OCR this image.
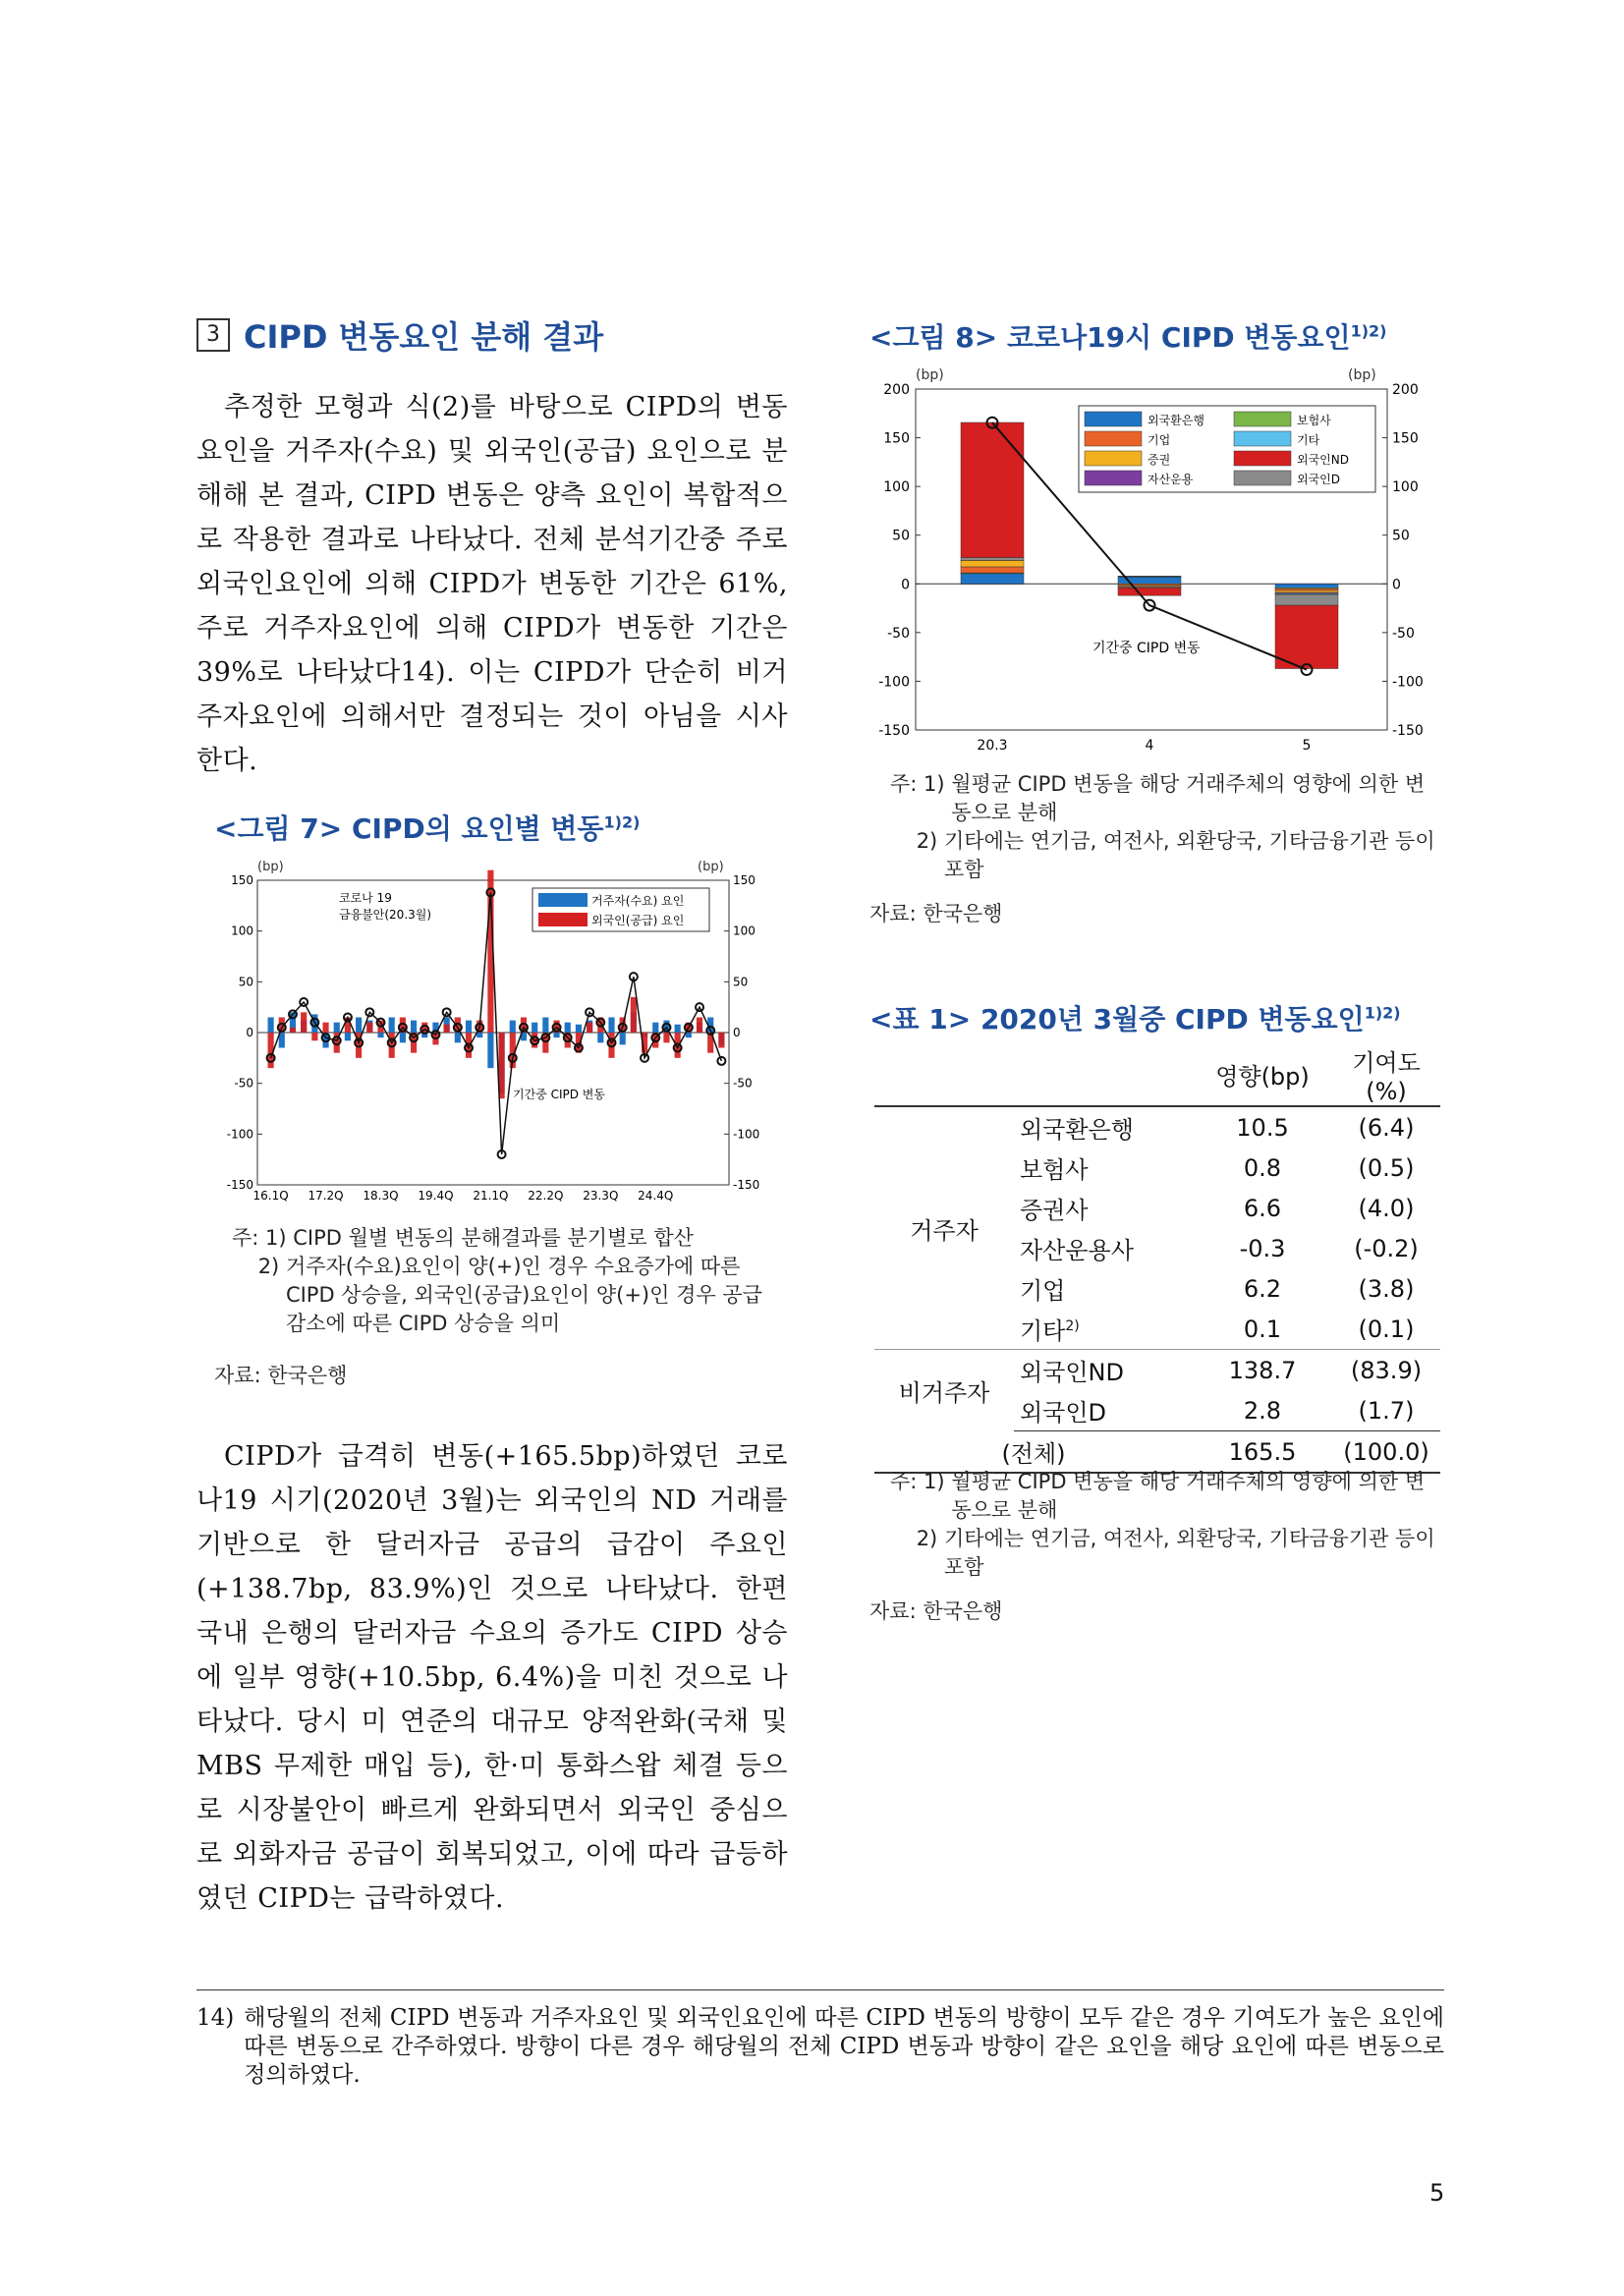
3 CIPD 변동요인 분해 결과

추정한 모형과 식(2)를 바탕으로 CIPD의 변동요인을 거주자(수요) 및 외국인(공급) 요인으로 분해해 본 결과, CIPD 변동은 양측 요인이 복합적으로 작용한 결과로 나타났다. 전체 분석기간중 주로 외국인요인에 의해 CIPD가 변동한 기간은 61%, 주로 거주자요인에 의해 CIPD가 변동한 기간은 39%로 나타났다14). 이는 CIPD가 단순히 비거주자요인에 의해서만 결정되는 것이 아님을 시사한다.

<그림 7> CIPD의 요인별 변동$^{1)2)}$
(bp)	(bp)
150	150
100	100
50	50
0	0
-50	-50
-100	-100
-150	-150
16.1Q 17.2Q 18.3Q 19.4Q 21.1Q 22.2Q 23.3Q 24.4Q
코로나 19
금융불안(20.3월)
기간중 CIPD 변동
거주자(수요) 요인
외국인(공급) 요인
주: 1) CIPD 월별 변동의 분해결과를 분기별로 합산
2) 거주자(수요)요인이 양(+)인 경우 수요증가에 따른 CIPD 상승을, 외국인(공급)요인이 양(+)인 경우 공급감소에 따른 CIPD 상승을 의미
자료: 한국은행

CIPD가 급격히 변동(+165.5bp)하였던 코로나19 시기(2020년 3월)는 외국인의 ND 거래를 기반으로 한 달러자금 공급의 급감이 주요인(+138.7bp, 83.9%)인 것으로 나타났다. 한편 국내 은행의 달러자금 수요의 증가도 CIPD 상승에 일부 영향(+10.5bp, 6.4%)을 미친 것으로 나타났다. 당시 미 연준의 대규모 양적완화(국채 및 MBS 무제한 매입 등), 한·미 통화스왑 체결 등으로 시장불안이 빠르게 완화되면서 외국인 중심으로 외화자금 공급이 회복되었고, 이에 따라 급등하였던 CIPD는 급락하였다.

<그림 8> 코로나19시 CIPD 변동요인$^{1)2)}$
(bp)	(bp)
200	200
150	150
100	100
50	50
0	0
-50	-50
-100	-100
-150	-150
20.3	4	5
기간중 CIPD 변동
외국환은행	보험사
기업	기타
증권	외국인ND
자산운용	외국인D
주: 1) 월평균 CIPD 변동을 해당 거래주체의 영향에 의한 변동으로 분해
2) 기타에는 연기금, 여전사, 외환당국, 기타금융기관 등이 포함
자료: 한국은행
<표 1> 2020년 3월중 CIPD 변동요인$^{1)2)}$
		영향(bp)	기여도(%)
거주자	외국환은행	10.5	(6.4)
	보험사	0.8	(0.5)
	증권사	6.6	(4.0)
	자산운용사	-0.3	(-0.2)
	기업	6.2	(3.8)
	기타$^{2)}$	0.1	(0.1)
비거주자	외국인ND	138.7	(83.9)
	외국인D	2.8	(1.7)
(전체)		165.5	(100.0)
주: 1) 월평균 CIPD 변동을 해당 거래주체의 영향에 의한 변동으로 분해
2) 기타에는 연기금, 여전사, 외환당국, 기타금융기관 등이 포함
자료: 한국은행
14) 해당월의 전체 CIPD 변동과 거주자요인 및 외국인요인에 따른 CIPD 변동의 방향이 모두 같은 경우 기여도가 높은 요인에 따른 변동으로 간주하였다. 방향이 다른 경우 해당월의 전체 CIPD 변동과 방향이 같은 요인을 해당 요인에 따른 변동으로 정의하였다.
5
